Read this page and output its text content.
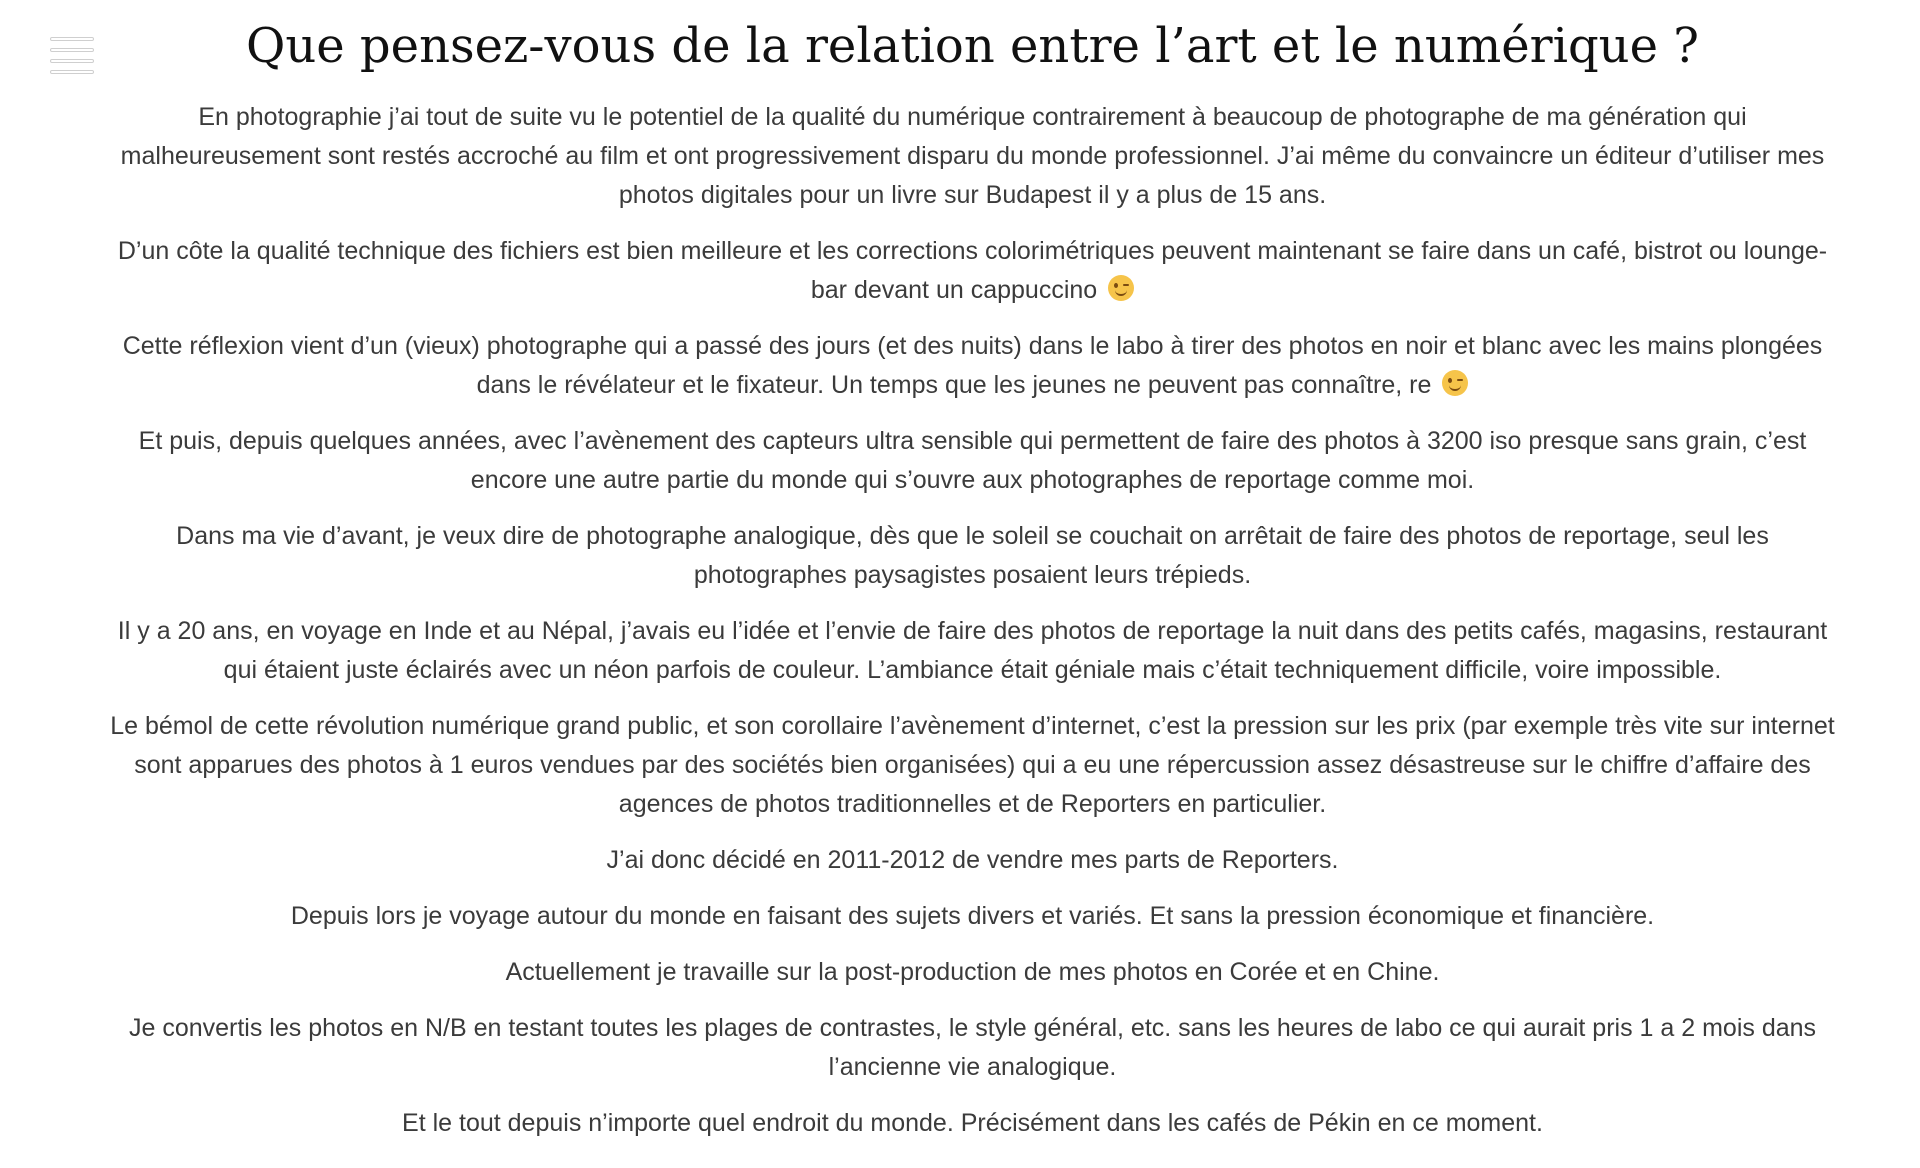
Que pensez-vous de la relation entre l’art et le numérique ?

En photographie j’ai tout de suite vu le potentiel de la qualité du numérique contrairement à beaucoup de photographe de ma génération qui malheureusement sont restés accroché au film et ont progressivement disparu du monde professionnel. J’ai même du convaincre un éditeur d’utiliser mes photos digitales pour un livre sur Budapest il y a plus de 15 ans.

D’un côte la qualité technique des fichiers est bien meilleure et les corrections colorimétriques peuvent maintenant se faire dans un café, bistrot ou lounge-bar devant un cappuccino

Cette réflexion vient d’un (vieux) photographe qui a passé des jours (et des nuits) dans le labo à tirer des photos en noir et blanc avec les mains plongées dans le révélateur et le fixateur. Un temps que les jeunes ne peuvent pas connaître, re

Et puis, depuis quelques années, avec l’avènement des capteurs ultra sensible qui permettent de faire des photos à 3200 iso presque sans grain, c’est encore une autre partie du monde qui s’ouvre aux photographes de reportage comme moi.

Dans ma vie d’avant, je veux dire de photographe analogique, dès que le soleil se couchait on arrêtait de faire des photos de reportage, seul les photographes paysagistes posaient leurs trépieds.

Il y a 20 ans, en voyage en Inde et au Népal, j’avais eu l’idée et l’envie de faire des photos de reportage la nuit dans des petits cafés, magasins, restaurant qui étaient juste éclairés avec un néon parfois de couleur. L’ambiance était géniale mais c’était techniquement difficile, voire impossible.

Le bémol de cette révolution numérique grand public, et son corollaire l’avènement d’internet, c’est la pression sur les prix (par exemple très vite sur internet sont apparues des photos à 1 euros vendues par des sociétés bien organisées) qui a eu une répercussion assez désastreuse sur le chiffre d’affaire des agences de photos traditionnelles et de Reporters en particulier.

J’ai donc décidé en 2011-2012 de vendre mes parts de Reporters.

Depuis lors je voyage autour du monde en faisant des sujets divers et variés. Et sans la pression économique et financière.

Actuellement je travaille sur la post-production de mes photos en Corée et en Chine.

Je convertis les photos en N/B en testant toutes les plages de contrastes, le style général, etc. sans les heures de labo ce qui aurait pris 1 a 2 mois dans l’ancienne vie analogique.

Et le tout depuis n’importe quel endroit du monde. Précisément dans les cafés de Pékin en ce moment.
